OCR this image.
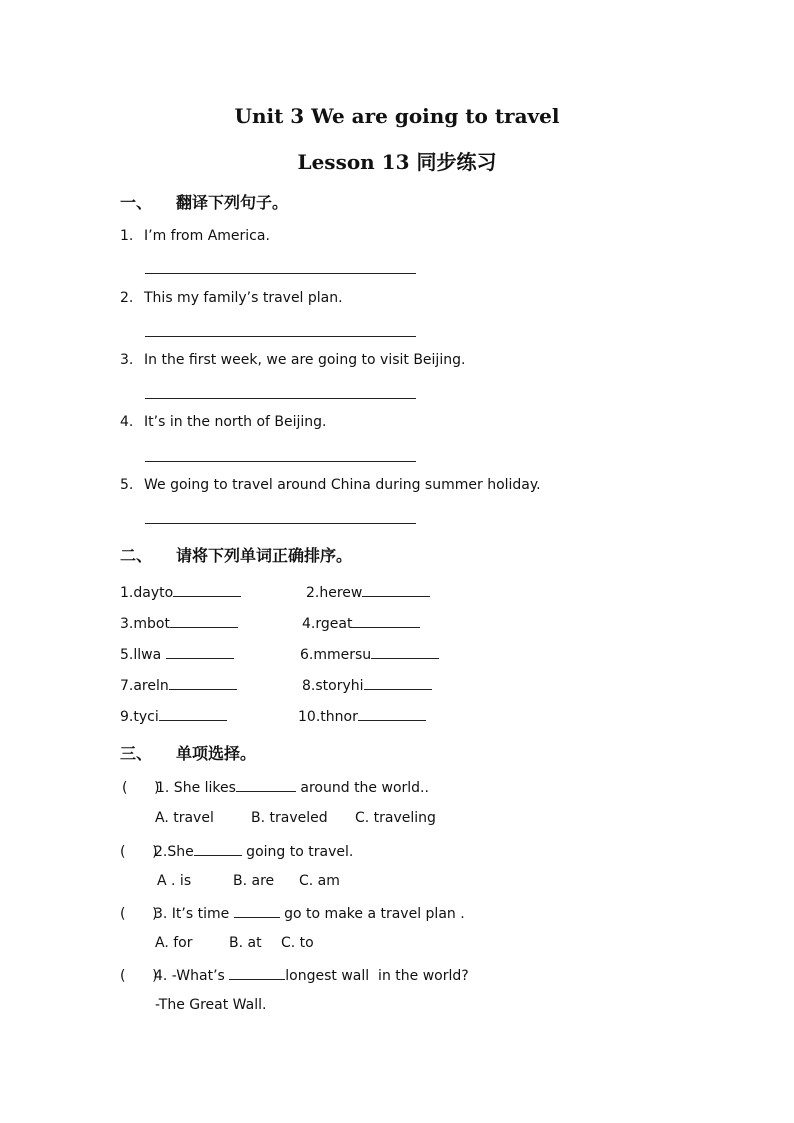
Unit 3 We are going to travel
Lesson 13 同步练习
一、 翻译下列句子。
1. I’m from America.
2. This my family’s travel plan.
3. In the first week, we are going to visit Beijing.
4. It’s in the north of Beijing.
5. We going to travel around China during summer holiday.
二、 请将下列单词正确排序。
1.dayto	2.herew
3.mbot	4.rgeat
5.llwa	6.mmersu
7.areln	8.storyhi
9.tyci	10.thnor
三、 单项选择。
(      )1. She likes	around the world..
A. travel	B. traveled C. traveling
(      )2.She	going to travel.
A . is	B. are C. am
(      )3. It’s time	go to make a travel plan .
A. for	B. at C. to
(      )4. -What’s	longest wall  in the world?
-The Great Wall.
